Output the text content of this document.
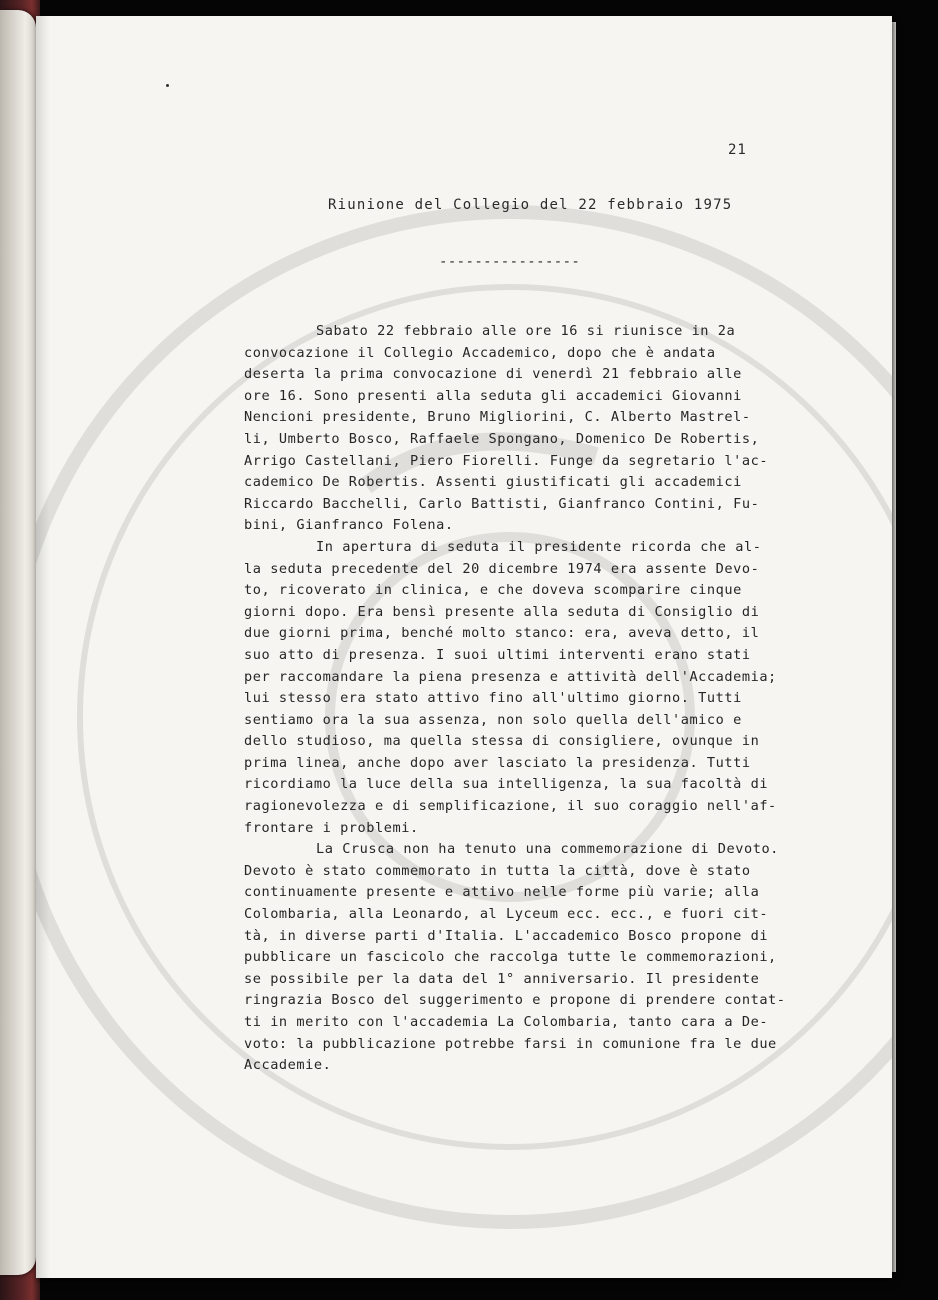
21
Riunione del Collegio del 22 febbraio 1975
----------------
Sabato 22 febbraio alle ore 16 si riunisce in 2a
convocazione il Collegio Accademico, dopo che è andata
deserta la prima convocazione di venerdì 21 febbraio alle
ore 16. Sono presenti alla seduta gli accademici Giovanni
Nencioni presidente, Bruno Migliorini, C. Alberto Mastrel-
li, Umberto Bosco, Raffaele Spongano, Domenico De Robertis,
Arrigo Castellani, Piero Fiorelli. Funge da segretario l'ac-
cademico De Robertis. Assenti giustificati gli accademici
Riccardo Bacchelli, Carlo Battisti, Gianfranco Contini, Fu-
bini, Gianfranco Folena.
In apertura di seduta il presidente ricorda che al-
la seduta precedente del 20 dicembre 1974 era assente Devo-
to, ricoverato in clinica, e che doveva scomparire cinque
giorni dopo. Era bensì presente alla seduta di Consiglio di
due giorni prima, benché molto stanco: era, aveva detto, il
suo atto di presenza. I suoi ultimi interventi erano stati
per raccomandare la piena presenza e attività dell'Accademia;
lui stesso era stato attivo fino all'ultimo giorno. Tutti
sentiamo ora la sua assenza, non solo quella dell'amico e
dello studioso, ma quella stessa di consigliere, ovunque in
prima linea, anche dopo aver lasciato la presidenza. Tutti
ricordiamo la luce della sua intelligenza, la sua facoltà di
ragionevolezza e di semplificazione, il suo coraggio nell'af-
frontare i problemi.
La Crusca non ha tenuto una commemorazione di Devoto.
Devoto è stato commemorato in tutta la città, dove è stato
continuamente presente e attivo nelle forme più varie; alla
Colombaria, alla Leonardo, al Lyceum ecc. ecc., e fuori cit-
tà, in diverse parti d'Italia. L'accademico Bosco propone di
pubblicare un fascicolo che raccolga tutte le commemorazioni,
se possibile per la data del 1° anniversario. Il presidente
ringrazia Bosco del suggerimento e propone di prendere contat-
ti in merito con l'accademia La Colombaria, tanto cara a De-
voto: la pubblicazione potrebbe farsi in comunione fra le due
Accademie.
